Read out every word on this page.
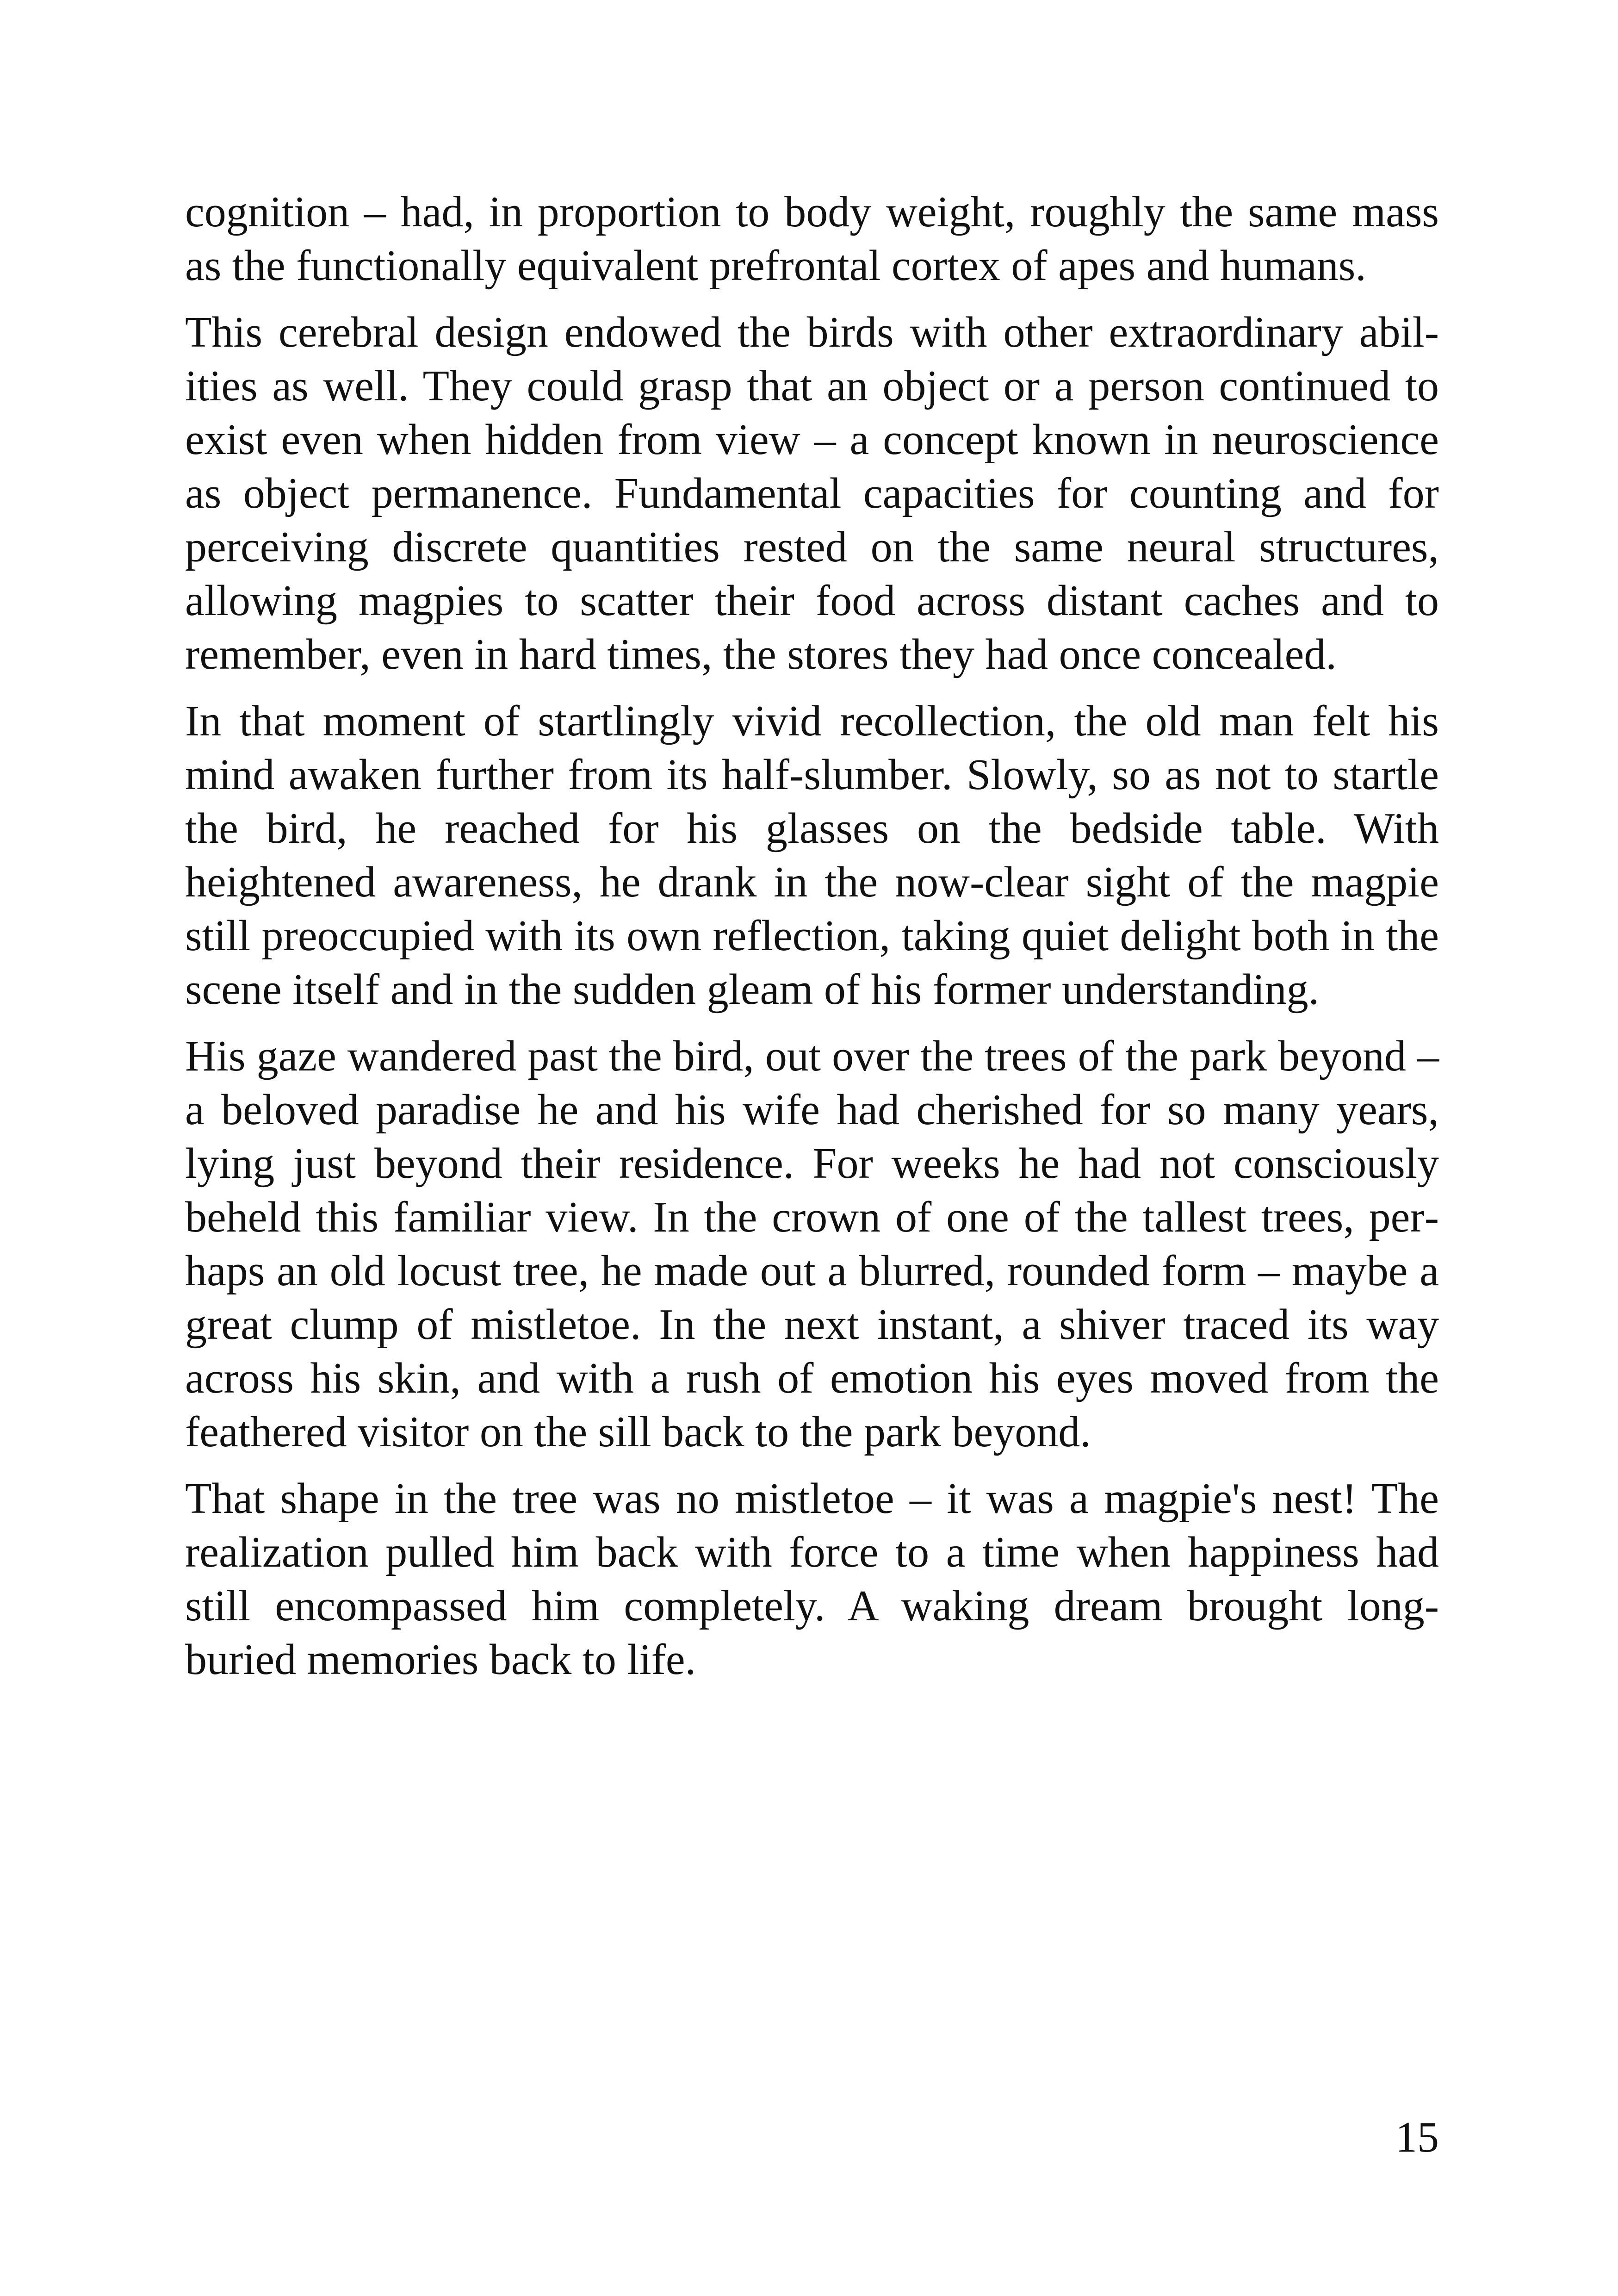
cognition – had, in proportion to body weight, roughly the same mass as the functionally equivalent prefrontal cortex of apes and humans.

This cerebral design endowed the birds with other extraordinary abilities as well. They could grasp that an object or a person continued to exist even when hidden from view – a concept known in neuroscience as object permanence. Fundamental capacities for counting and for perceiving discrete quantities rested on the same neural structures, allowing magpies to scatter their food across distant caches and to remember, even in hard times, the stores they had once concealed.

In that moment of startlingly vivid recollection, the old man felt his mind awaken further from its half-slumber. Slowly, so as not to startle the bird, he reached for his glasses on the bedside table. With heightened awareness, he drank in the now-clear sight of the magpie still preoccupied with its own reflection, taking quiet delight both in the scene itself and in the sudden gleam of his former understanding.

His gaze wandered past the bird, out over the trees of the park beyond – a beloved paradise he and his wife had cherished for so many years, lying just beyond their residence. For weeks he had not consciously beheld this familiar view. In the crown of one of the tallest trees, perhaps an old locust tree, he made out a blurred, rounded form – maybe a great clump of mistletoe. In the next instant, a shiver traced its way across his skin, and with a rush of emotion his eyes moved from the feathered visitor on the sill back to the park beyond.

That shape in the tree was no mistletoe – it was a magpie's nest! The realization pulled him back with force to a time when happiness had still encompassed him completely. A waking dream brought long-buried memories back to life.

15
